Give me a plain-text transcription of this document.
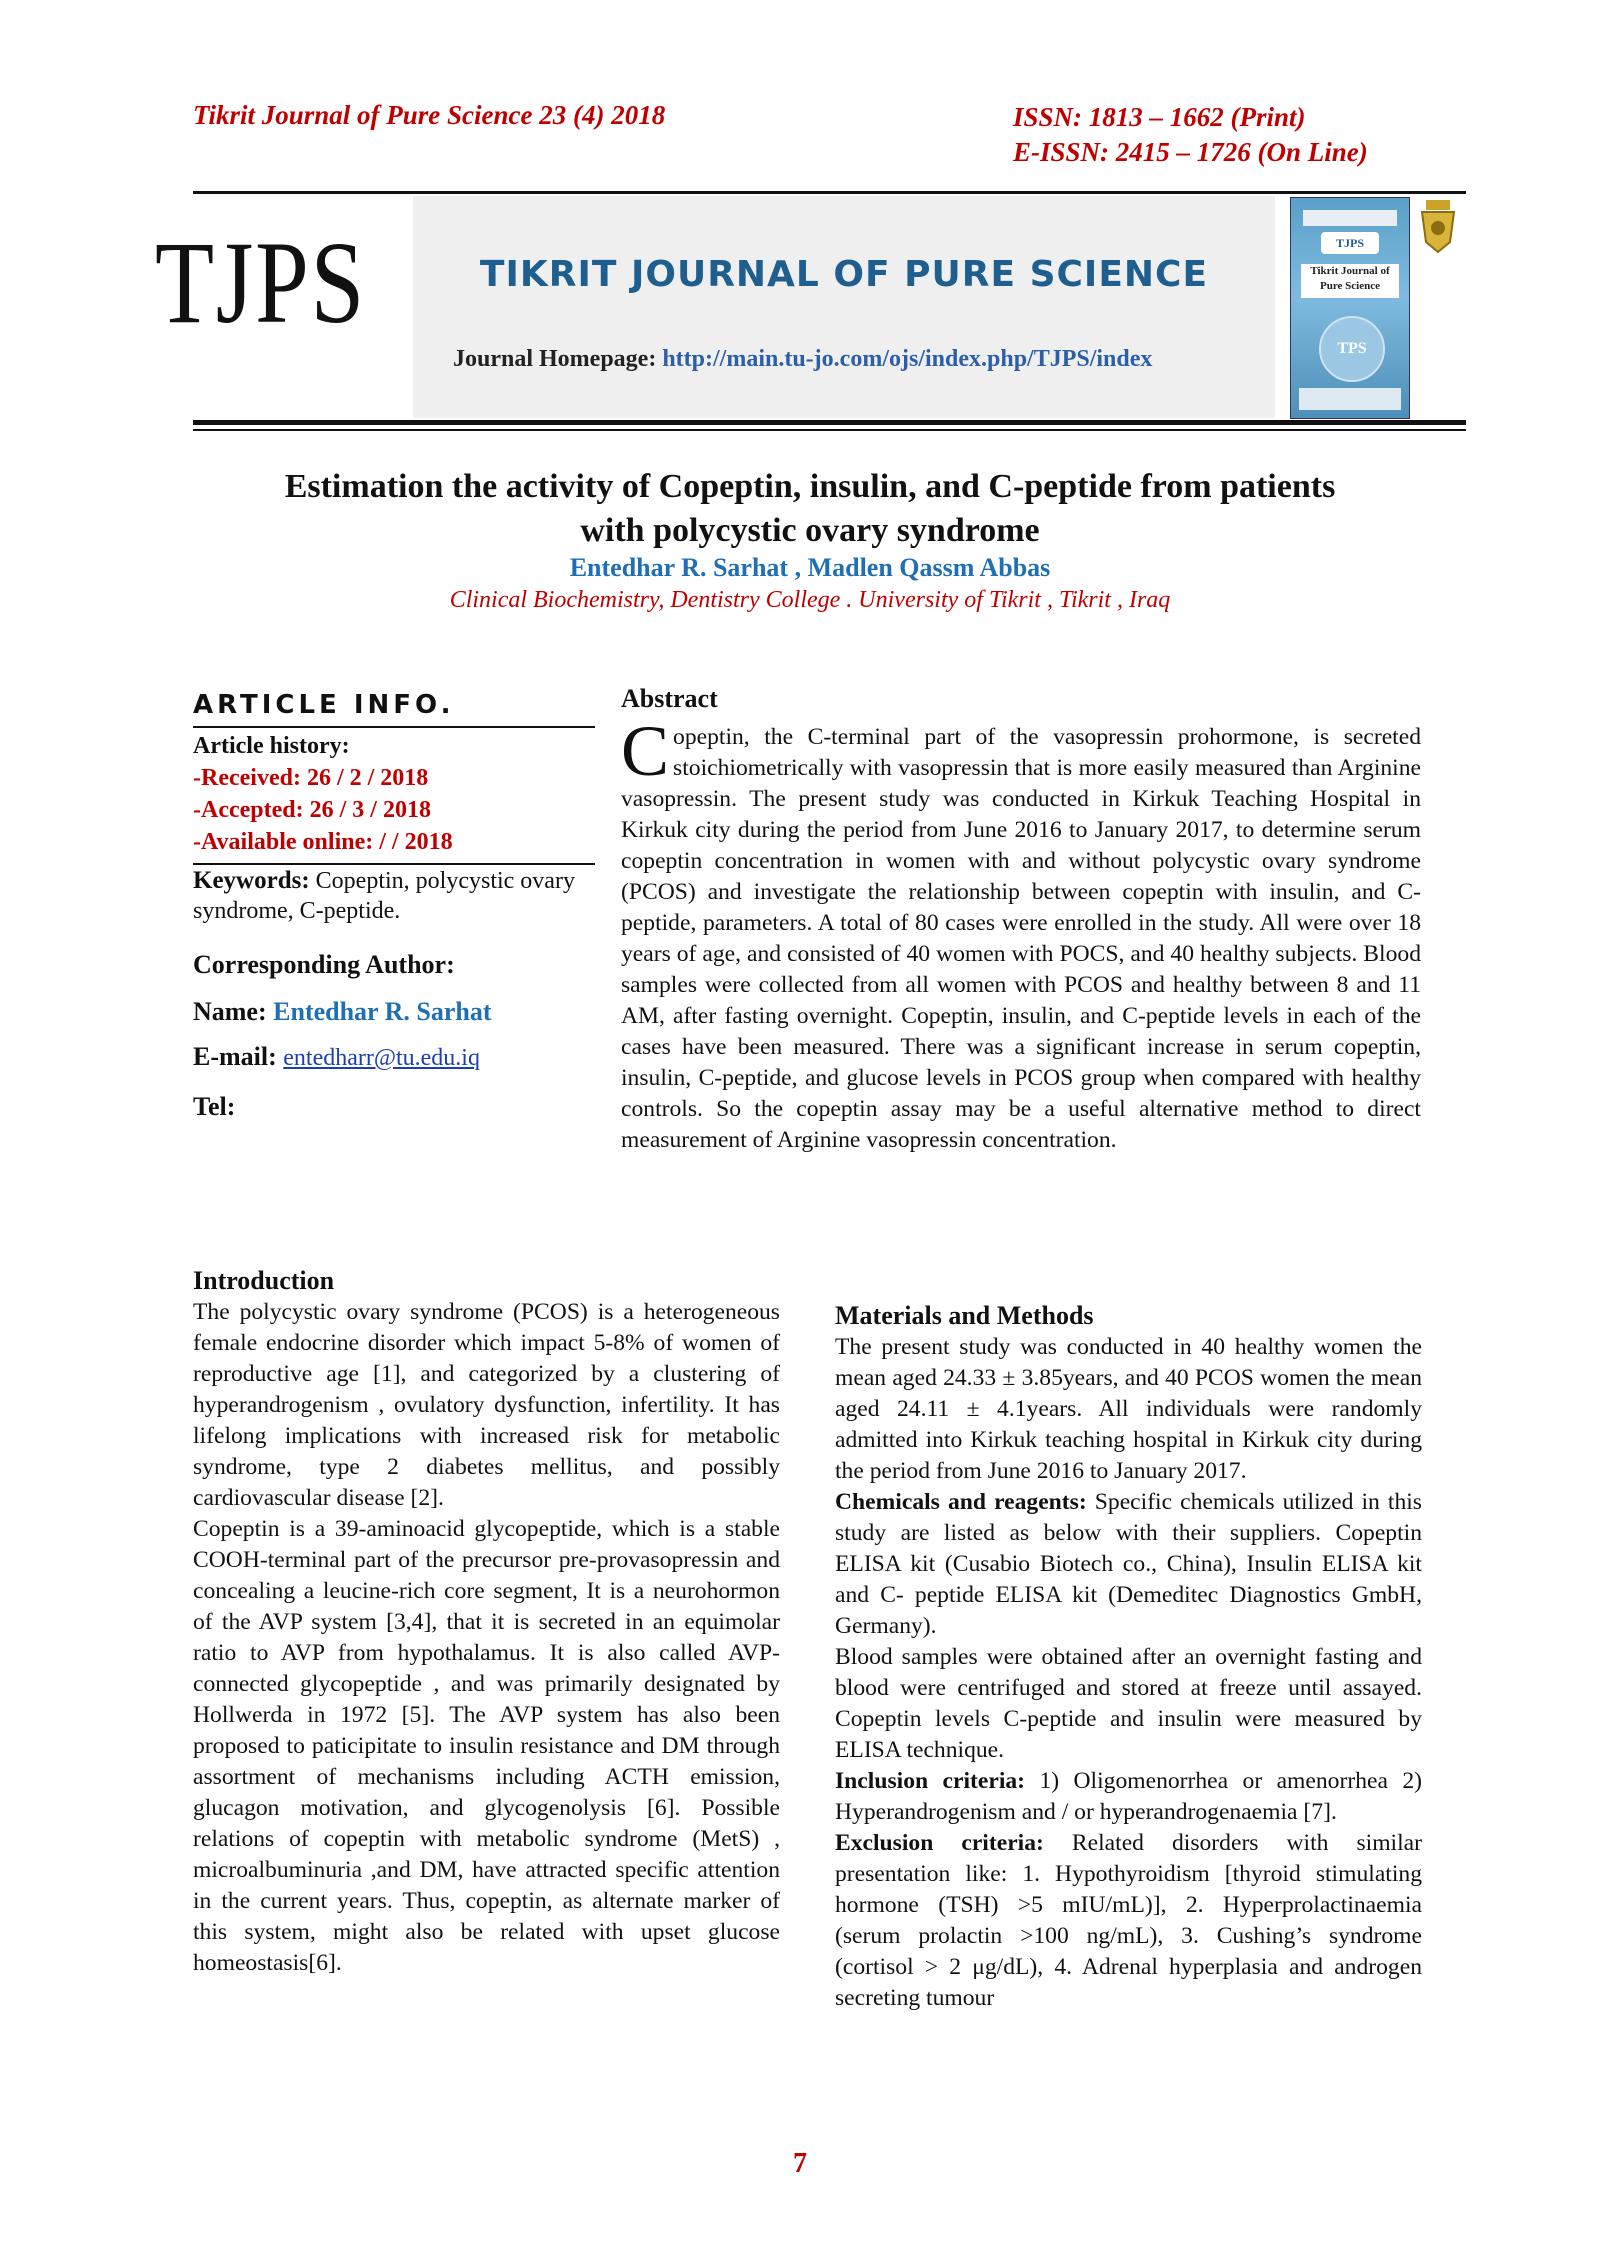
Tikrit Journal of Pure Science 23 (4) 2018	ISSN: 1813 – 1662 (Print)
E-ISSN: 2415 – 1726 (On Line)
TJPS	TIKRIT JOURNAL OF PURE SCIENCE
Journal Homepage: http://main.tu-jo.com/ojs/index.php/TJPS/index
TJPS
Tikrit Journal of Pure Science
TPS
Estimation the activity of Copeptin, insulin, and C-peptide from patients
with polycystic ovary syndrome
Entedhar R. Sarhat , Madlen Qassm Abbas
Clinical Biochemistry, Dentistry College . University of Tikrit , Tikrit , Iraq
ARTICLE INFO.
Article history:
-Received: 26 / 2 / 2018
-Accepted: 26 / 3 / 2018
-Available online: / / 2018
Keywords: Copeptin, polycystic ovary syndrome, C-peptide.
Corresponding Author:
Name: Entedhar R. Sarhat
E-mail: entedharr@tu.edu.iq
Tel:
Abstract
Copeptin, the C-terminal part of the vasopressin prohormone, is secreted stoichiometrically with vasopressin that is more easily measured than Arginine vasopressin. The present study was conducted in Kirkuk Teaching Hospital in Kirkuk city during the period from June 2016 to January 2017, to determine serum copeptin concentration in women with and without polycystic ovary syndrome (PCOS) and investigate the relationship between copeptin with insulin, and C-peptide, parameters. A total of 80 cases were enrolled in the study. All were over 18 years of age, and consisted of 40 women with POCS, and 40 healthy subjects. Blood samples were collected from all women with PCOS and healthy between 8 and 11 AM, after fasting overnight. Copeptin, insulin, and C-peptide levels in each of the cases have been measured. There was a significant increase in serum copeptin, insulin, C-peptide, and glucose levels in PCOS group when compared with healthy controls. So the copeptin assay may be a useful alternative method to direct measurement of Arginine vasopressin concentration.

Introduction

The polycystic ovary syndrome (PCOS) is a heterogeneous female endocrine disorder which impact 5-8% of women of reproductive age [1], and categorized by a clustering of hyperandrogenism , ovulatory dysfunction, infertility. It has lifelong implications with increased risk for metabolic syndrome, type 2 diabetes mellitus, and possibly cardiovascular disease [2].

Copeptin is a 39-aminoacid glycopeptide, which is a stable COOH-terminal part of the precursor pre-provasopressin and concealing a leucine-rich core segment, It is a neurohormon of the AVP system [3,4], that it is secreted in an equimolar ratio to AVP from hypothalamus. It is also called AVP- connected glycopeptide , and was primarily designated by Hollwerda in 1972 [5]. The AVP system has also been proposed to paticipitate to insulin resistance and DM through assortment of mechanisms including ACTH emission, glucagon motivation, and glycogenolysis [6]. Possible relations of copeptin with metabolic syndrome (MetS) , microalbuminuria ,and DM, have attracted specific attention in the current years. Thus, copeptin, as alternate marker of this system, might also be related with upset glucose homeostasis[6].

Materials and Methods

The present study was conducted in 40 healthy women the mean aged 24.33 ± 3.85years, and 40 PCOS women the mean aged 24.11 ± 4.1years. All individuals were randomly admitted into Kirkuk teaching hospital in Kirkuk city during the period from June 2016 to January 2017.

Chemicals and reagents: Specific chemicals utilized in this study are listed as below with their suppliers. Copeptin ELISA kit (Cusabio Biotech co., China), Insulin ELISA kit and C- peptide ELISA kit (Demeditec Diagnostics GmbH, Germany).

Blood samples were obtained after an overnight fasting and blood were centrifuged and stored at freeze until assayed. Copeptin levels C-peptide and insulin were measured by ELISA technique.

Inclusion criteria: 1) Oligomenorrhea or amenorrhea 2) Hyperandrogenism and / or hyperandrogenaemia [7].

Exclusion criteria: Related disorders with similar presentation like: 1. Hypothyroidism [thyroid stimulating hormone (TSH) >5 mIU/mL)], 2. Hyperprolactinaemia (serum prolactin >100 ng/mL), 3. Cushing’s syndrome (cortisol > 2 μg/dL), 4. Adrenal hyperplasia and androgen secreting tumour

7
